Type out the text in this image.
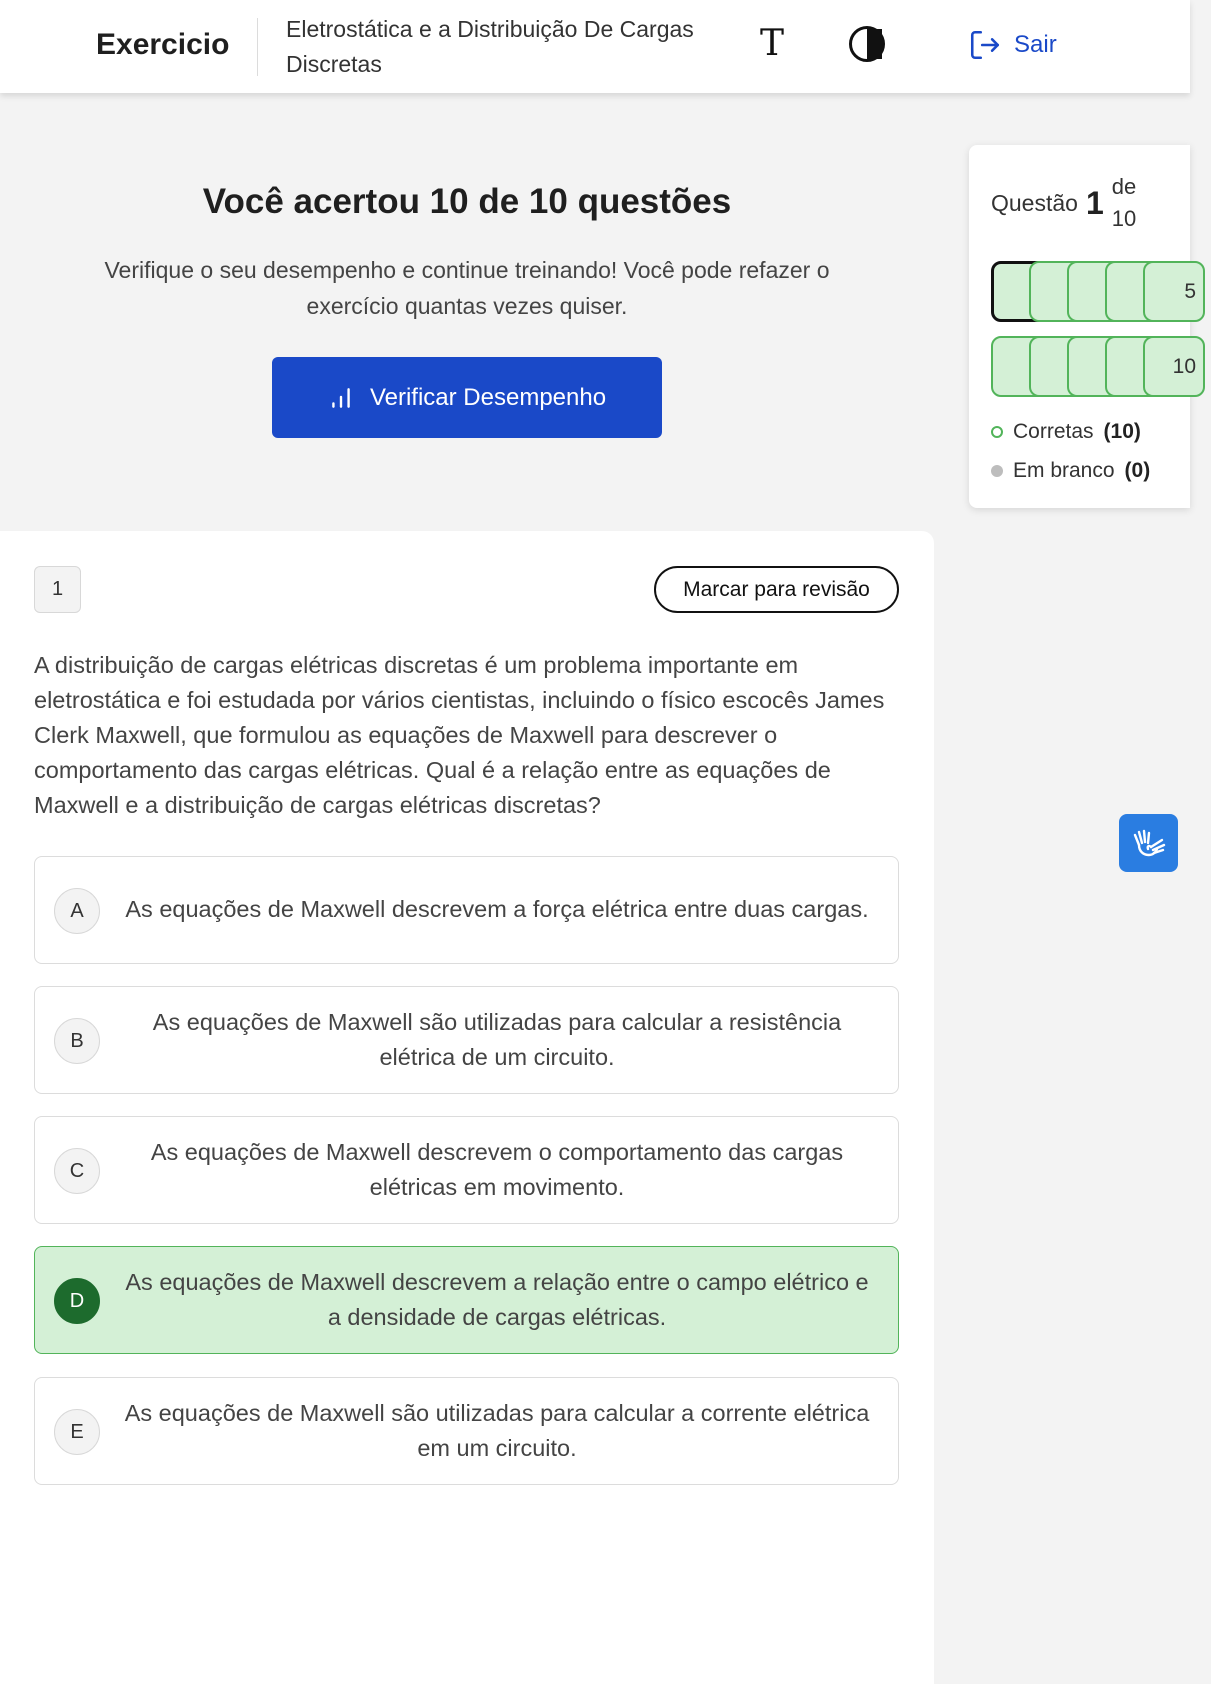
Exercicio Eletrostática e a Distribuição De Cargas Discretas	T	Sair
Você acertou 10 de 10 questões
Verifique o seu desempenho e continue treinando! Você pode refazer o exercício quantas vezes quiser.
Verificar Desempenho
Questão 1 de
10
5
10
Corretas (10)
Em branco (0)
1	Marcar para revisão
A distribuição de cargas elétricas discretas é um problema importante em eletrostática e foi estudada por vários cientistas, incluindo o físico escocês James Clerk Maxwell, que formulou as equações de Maxwell para descrever o comportamento das cargas elétricas. Qual é a relação entre as equações de Maxwell e a distribuição de cargas elétricas discretas?
A	As equações de Maxwell descrevem a força elétrica entre duas cargas.
B
As equações de Maxwell são utilizadas para calcular a resistência elétrica de um circuito.
C
As equações de Maxwell descrevem o comportamento das cargas elétricas em movimento.
D
As equações de Maxwell descrevem a relação entre o campo elétrico e a densidade de cargas elétricas.
E
As equações de Maxwell são utilizadas para calcular a corrente elétrica em um circuito.
